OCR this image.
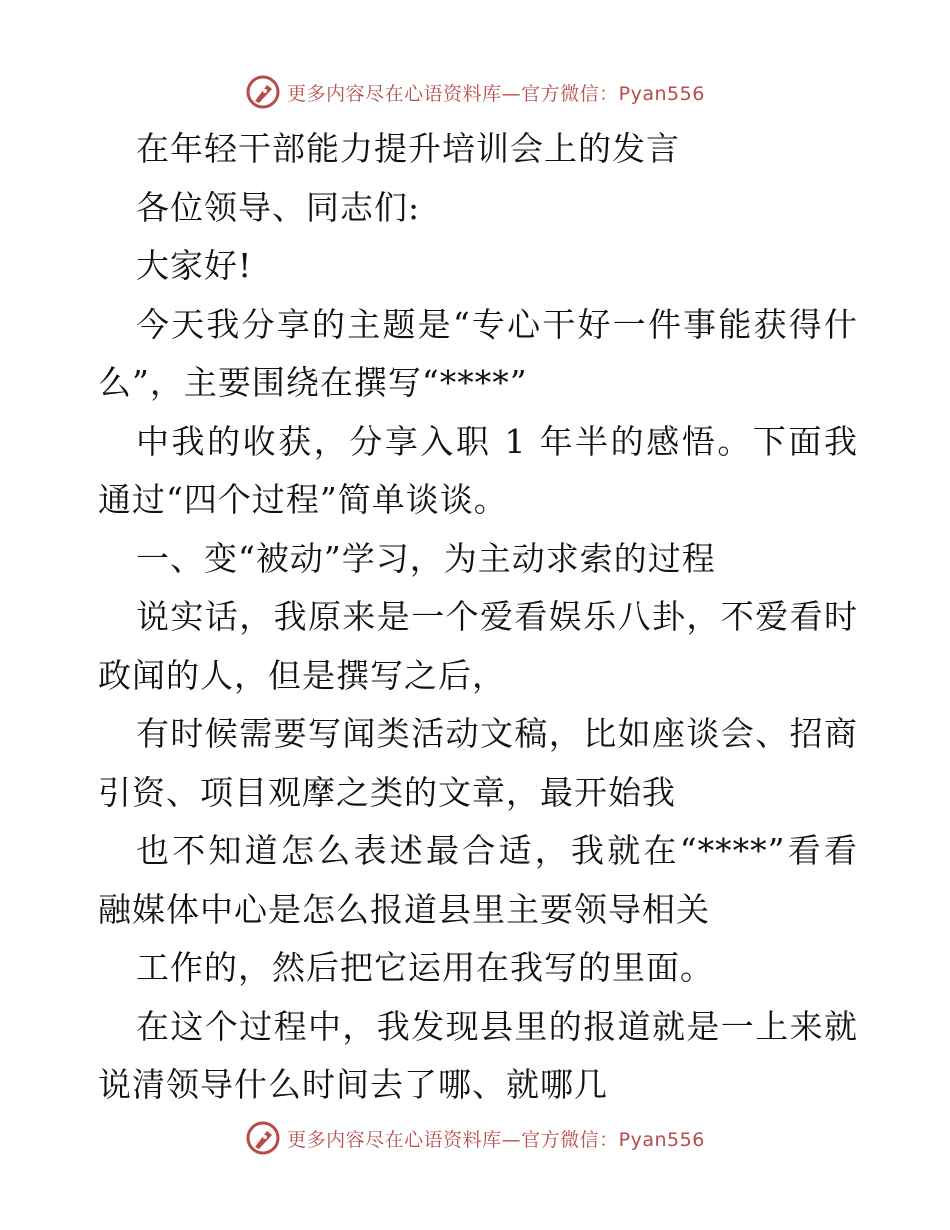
更多内容尽在心语资料库—官方微信：Pyan556
在年轻干部能力提升培训会上的发言
各位领导、同志们:
大家好!
今天我分享的主题是“专心干好一件事能获得什
么”，主要围绕在撰写“****”
中我的收获，分享入职 1 年半的感悟。下面我
通过“四个过程”简单谈谈。
一、变“被动”学习，为主动求索的过程
说实话，我原来是一个爱看娱乐八卦，不爱看时
政闻的人，但是撰写之后，
有时候需要写闻类活动文稿，比如座谈会、招商
引资、项目观摩之类的文章，最开始我
也不知道怎么表述最合适，我就在“****”看看
融媒体中心是怎么报道县里主要领导相关
工作的，然后把它运用在我写的里面。
在这个过程中，我发现县里的报道就是一上来就
说清领导什么时间去了哪、就哪几
更多内容尽在心语资料库—官方微信：Pyan556
